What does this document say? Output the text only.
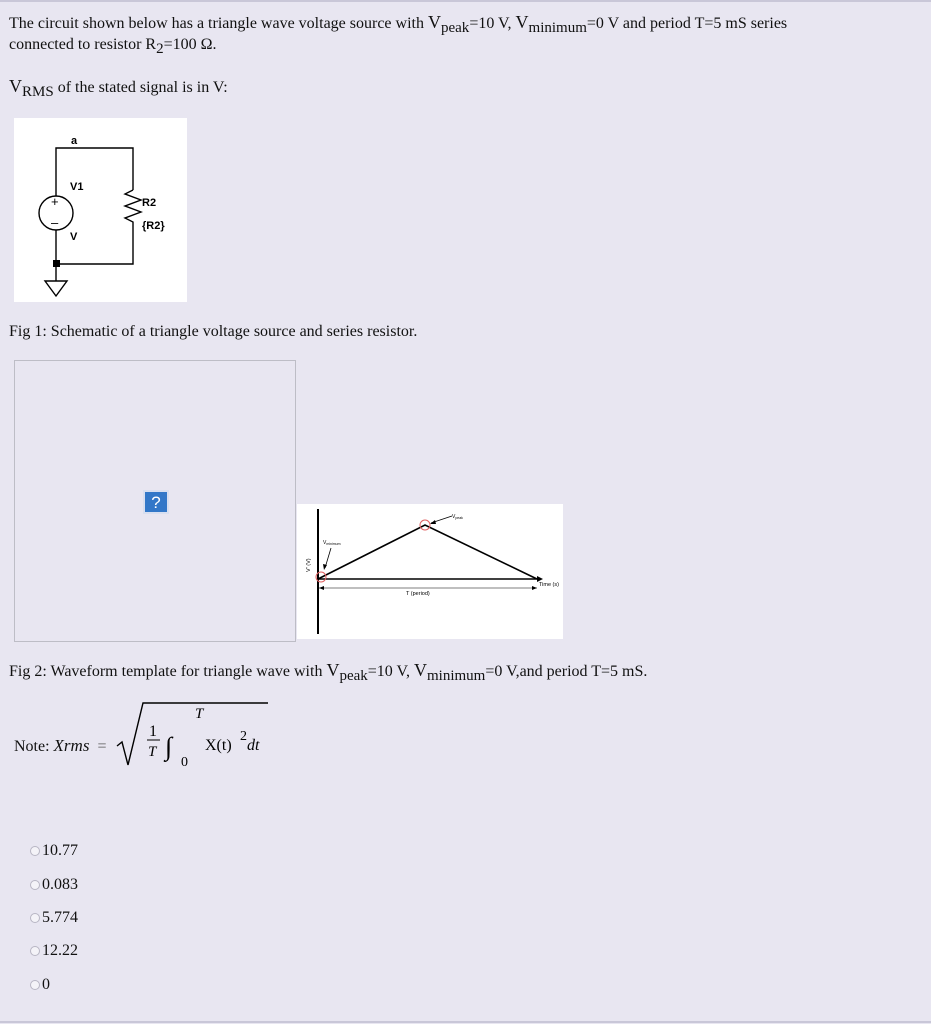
The circuit shown below has a triangle wave voltage source with Vpeak=10 V, Vminimum=0 V and period T=5 mS series
connected to resistor R2=100 Ω.
VRMS of the stated signal is in V:
a
V1
V
+
–
R2
{R2}
Fig 1: Schematic of a triangle voltage source and series resistor.
?
$V_{peak}$
$V_{minimum}$
V' (V)
T (period)
Time (s)
Fig 2: Waveform template for triangle wave with Vpeak=10 V, Vminimum=0 V,and period T=5 mS.
Note: Xrms =
1
T ∫
T
0
X(t)
2
dt
10.77
0.083
5.774
12.22
0
